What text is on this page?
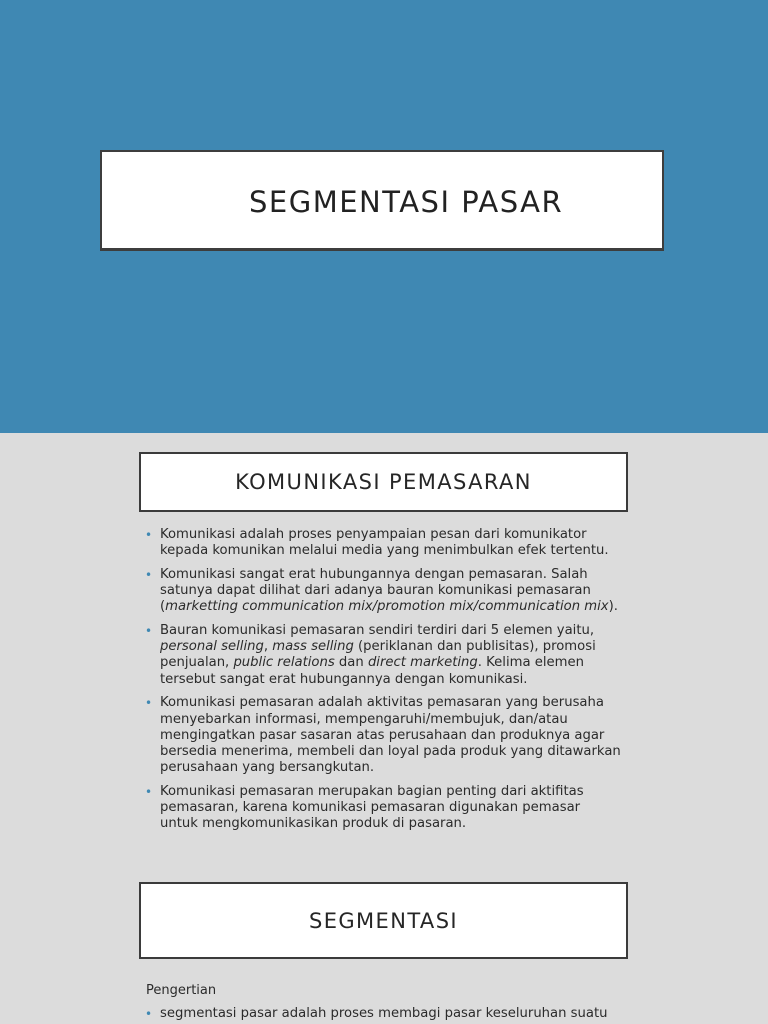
SEGMENTASI PASAR
KOMUNIKASI PEMASARAN
• Komunikasi adalah proses penyampaian pesan dari komunikator kepada komunikan melalui media yang menimbulkan efek tertentu.
• Komunikasi sangat erat hubungannya dengan pemasaran. Salah satunya dapat dilihat dari adanya bauran komunikasi pemasaran (marketting communication mix/promotion mix/communication mix).
• Bauran komunikasi pemasaran sendiri terdiri dari 5 elemen yaitu, personal selling, mass selling (periklanan dan publisitas), promosi penjualan, public relations dan direct marketing. Kelima elemen tersebut sangat erat hubungannya dengan komunikasi.
• Komunikasi pemasaran adalah aktivitas pemasaran yang berusaha menyebarkan informasi, mempengaruhi/membujuk, dan/atau mengingatkan pasar sasaran atas perusahaan dan produknya agar bersedia menerima, membeli dan loyal pada produk yang ditawarkan perusahaan yang bersangkutan.
• Komunikasi pemasaran merupakan bagian penting dari aktifitas pemasaran, karena komunikasi pemasaran digunakan pemasar untuk mengkomunikasikan produk di pasaran.
SEGMENTASI
Pengertian
• segmentasi pasar adalah proses membagi pasar keseluruhan suatu
